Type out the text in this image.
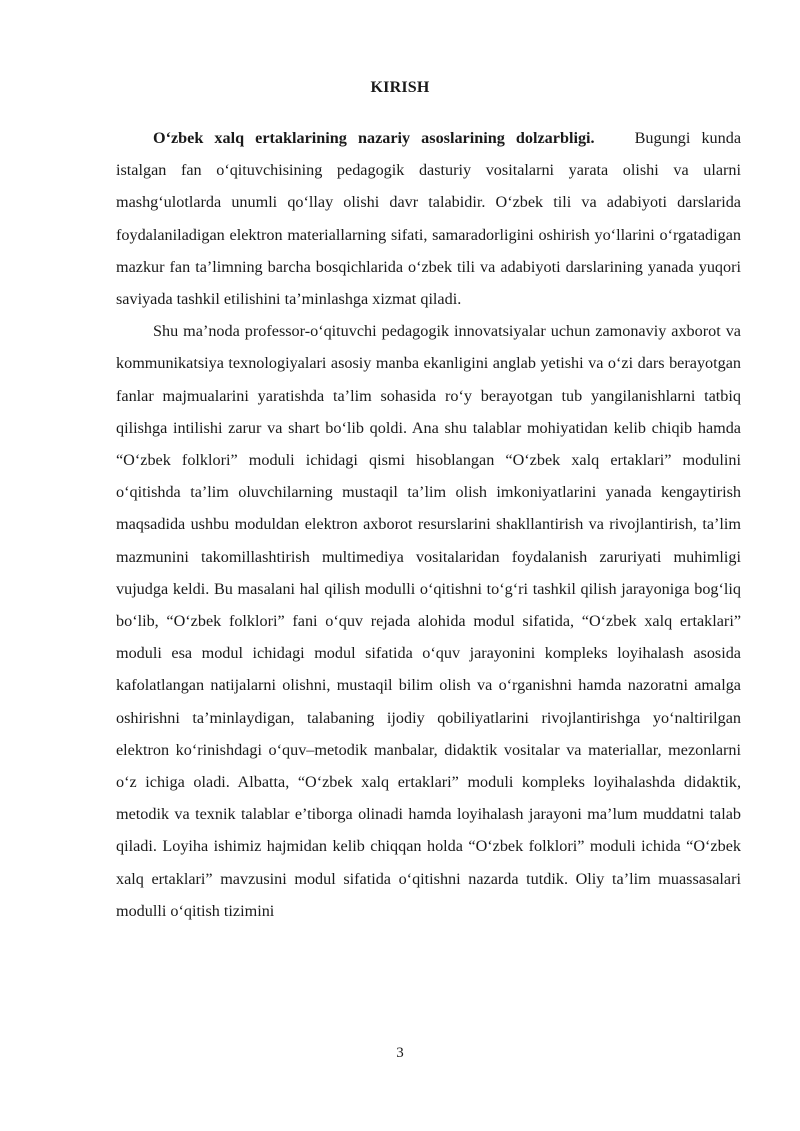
KIRISH

O‘zbek xalq ertaklarining nazariy asoslarining dolzarbligi. Bugungi kunda istalgan fan o‘qituvchisining pedagogik dasturiy vositalarni yarata olishi va ularni mashg‘ulotlarda unumli qo‘llay olishi davr talabidir. O‘zbek tili va adabiyoti darslarida foydalaniladigan elektron materiallarning sifati, samaradorligini oshirish yo‘llarini o‘rgatadigan mazkur fan ta’limning barcha bosqichlarida o‘zbek tili va adabiyoti darslarining yanada yuqori saviyada tashkil etilishini ta’minlashga xizmat qiladi.

Shu ma’noda professor-o‘qituvchi pedagogik innovatsiyalar uchun zamonaviy axborot va kommunikatsiya texnologiyalari asosiy manba ekanligini anglab yetishi va o‘zi dars berayotgan fanlar majmualarini yaratishda ta’lim sohasida ro‘y berayotgan tub yangilanishlarni tatbiq qilishga intilishi zarur va shart bo‘lib qoldi. Ana shu talablar mohiyatidan kelib chiqib hamda “O‘zbek folklori” moduli ichidagi qismi hisoblangan “O‘zbek xalq ertaklari” modulini o‘qitishda ta’lim oluvchilarning mustaqil ta’lim olish imkoniyatlarini yanada kengaytirish maqsadida ushbu moduldan elektron axborot resurslarini shakllantirish va rivojlantirish, ta’lim mazmunini takomillashtirish multimediya vositalaridan foydalanish zaruriyati muhimligi vujudga keldi. Bu masalani hal qilish modulli o‘qitishni to‘g‘ri tashkil qilish jarayoniga bog‘liq bo‘lib, “O‘zbek folklori” fani o‘quv rejada alohida modul sifatida, “O‘zbek xalq ertaklari” moduli esa modul ichidagi modul sifatida o‘quv jarayonini kompleks loyihalash asosida kafolatlangan natijalarni olishni, mustaqil bilim olish va o‘rganishni hamda nazoratni amalga oshirishni ta’minlaydigan, talabaning ijodiy qobiliyatlarini rivojlantirishga yo‘naltirilgan elektron ko‘rinishdagi o‘quv–metodik manbalar, didaktik vositalar va materiallar, mezonlarni o‘z ichiga oladi. Albatta, “O‘zbek xalq ertaklari” moduli kompleks loyihalashda didaktik, metodik va texnik talablar e’tiborga olinadi hamda loyihalash jarayoni ma’lum muddatni talab qiladi. Loyiha ishimiz hajmidan kelib chiqqan holda “O‘zbek folklori” moduli ichida “O‘zbek xalq ertaklari” mavzusini modul sifatida o‘qitishni nazarda tutdik. Oliy ta’lim muassasalari modulli o‘qitish tizimini

3
